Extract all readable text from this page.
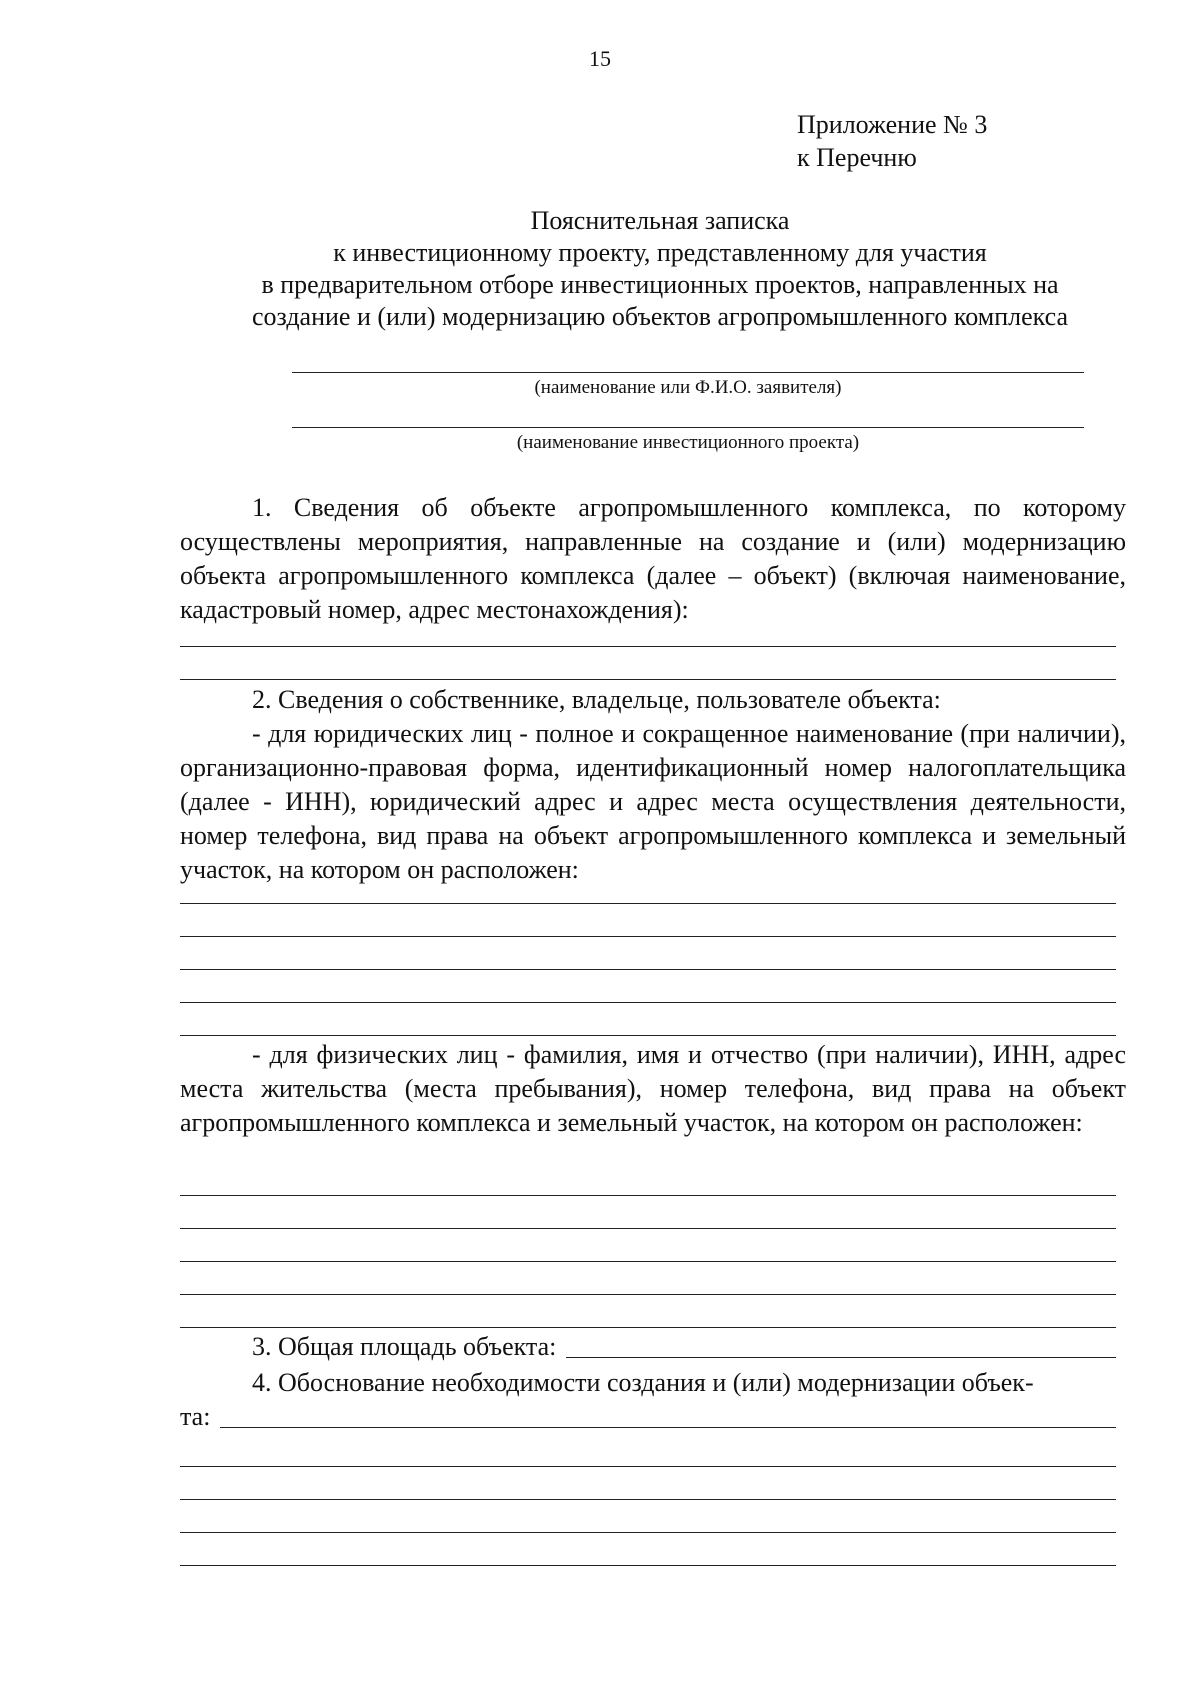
15
Приложение № 3
к Перечню
Пояснительная записка
к инвестиционному проекту, представленному для участия
в предварительном отборе инвестиционных проектов, направленных на
создание и (или) модернизацию объектов агропромышленного комплекса
(наименование или Ф.И.О. заявителя)
(наименование инвестиционного проекта)
1. Сведения об объекте агропромышленного комплекса, по которому осуществлены мероприятия, направленные на создание и (или) модернизацию объекта агропромышленного комплекса (далее – объект) (включая наименование, кадастровый номер, адрес местонахождения):
2. Сведения о собственнике, владельце, пользователе объекта:
- для юридических лиц - полное и сокращенное наименование (при наличии), организационно-правовая форма, идентификационный номер налогоплательщика (далее - ИНН), юридический адрес и адрес места осуществления деятельности, номер телефона, вид права на объект агропромышленного комплекса и земельный участок, на котором он расположен:
- для физических лиц - фамилия, имя и отчество (при наличии), ИНН, адрес места жительства (места пребывания), номер телефона, вид права на объект агропромышленного комплекса и земельный участок, на котором он расположен:
3. Общая площадь объекта:
4. Обоснование необходимости создания и (или) модернизации объек-
та:
